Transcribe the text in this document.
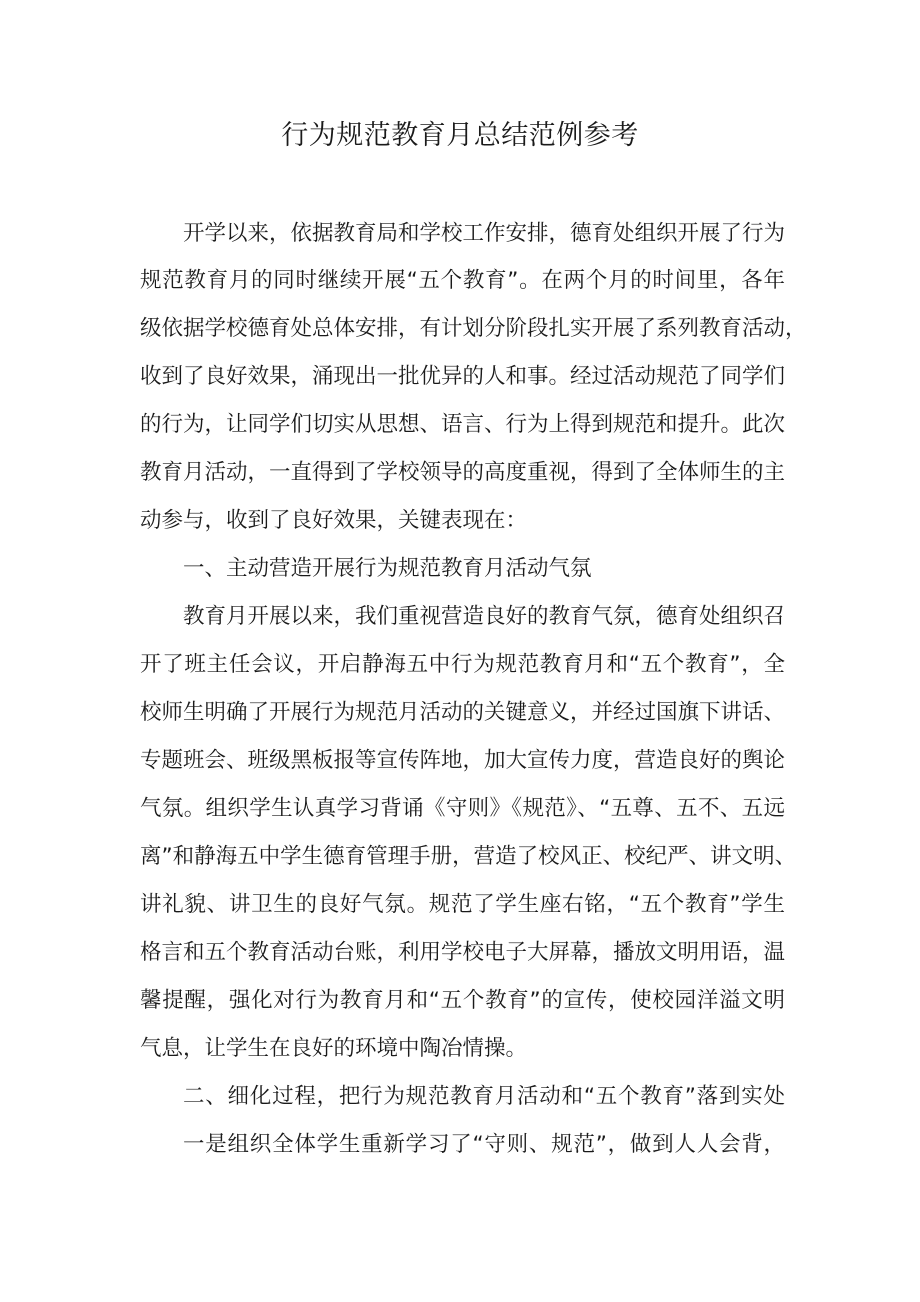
行为规范教育月总结范例参考

开学以来，依据教育局和学校工作安排，德育处组织开展了行为

规范教育月的同时继续开展“五个教育”。在两个月的时间里，各年

级依据学校德育处总体安排，有计划分阶段扎实开展了系列教育活动，

收到了良好效果，涌现出一批优异的人和事。经过活动规范了同学们

的行为，让同学们切实从思想、语言、行为上得到规范和提升。此次

教育月活动，一直得到了学校领导的高度重视，得到了全体师生的主

动参与，收到了良好效果，关键表现在：

一、主动营造开展行为规范教育月活动气氛

教育月开展以来，我们重视营造良好的教育气氛，德育处组织召

开了班主任会议，开启静海五中行为规范教育月和“五个教育”，全

校师生明确了开展行为规范月活动的关键意义，并经过国旗下讲话、

专题班会、班级黑板报等宣传阵地，加大宣传力度，营造良好的舆论

气氛。组织学生认真学习背诵《守则》《规范》、“五尊、五不、五远

离”和静海五中学生德育管理手册，营造了校风正、校纪严、讲文明、

讲礼貌、讲卫生的良好气氛。规范了学生座右铭，“五个教育”学生

格言和五个教育活动台账，利用学校电子大屏幕，播放文明用语，温

馨提醒，强化对行为教育月和“五个教育”的宣传，使校园洋溢文明

气息，让学生在良好的环境中陶冶情操。

二、细化过程，把行为规范教育月活动和“五个教育”落到实处

一是组织全体学生重新学习了“守则、规范”，做到人人会背，
